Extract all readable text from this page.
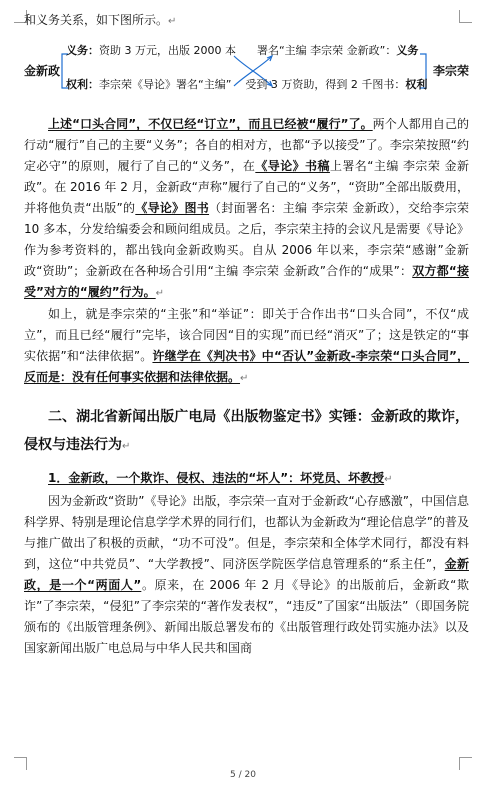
和义务关系，如下图所示。↵

金新政	李宗荣
义务：资助 3 万元，出版 2000 本 署名“主编 李宗荣 金新政”：义务
权利：李宗荣《导论》署名“主编” 受到 3 万资助，得到 2 千图书：权利

上述“口头合同”，不仅已经“订立”，而且已经被“履行”了。两个人都用自己的行动“履行”自己的主要“义务”；各自的相对方，也都“予以接受”了。李宗荣按照“约定必守”的原则，履行了自己的“义务”，在《导论》书稿上署名“主编 李宗荣 金新政”。在 2016 年 2 月，金新政“声称”履行了自己的“义务”，“资助”全部出版费用，并将他负责“出版”的《导论》图书（封面署名：主编 李宗荣 金新政），交给李宗荣 10 多本，分发给编委会和顾问组成员。之后，李宗荣主持的会议凡是需要《导论》作为参考资料的，都出钱向金新政购买。自从 2006 年以来，李宗荣“感谢”金新政“资助”；金新政在各种场合引用“主编 李宗荣 金新政”合作的“成果”：双方都“接受”对方的“履约”行为。↵

如上，就是李宗荣的“主张”和“举证”：即关于合作出书“口头合同”，不仅“成立”，而且已经“履行”完毕，该合同因“目的实现”而已经“消灭”了；这是铁定的“事实依据”和“法律依据”。许继学在《判决书》中“否认”金新政-李宗荣“口头合同”，反而是：没有任何事实依据和法律依据。↵

二、湖北省新闻出版广电局《出版物鉴定书》实锤：金新政的欺诈，侵权与违法行为↵

1．金新政，一个欺诈、侵权、违法的“坏人”：坏党员、坏教授↵

因为金新政“资助”《导论》出版，李宗荣一直对于金新政“心存感激”，中国信息科学界、特别是理论信息学学术界的同行们，也都认为金新政为“理论信息学”的普及与推广做出了积极的贡献，“功不可没”。但是，李宗荣和全体学术同行，都没有料到，这位“中共党员”、“大学教授”、同济医学院医学信息管理系的“系主任”，金新政，是一个“两面人”。原来，在 2006 年 2 月《导论》的出版前后，金新政“欺诈”了李宗荣，“侵犯”了李宗荣的“著作发表权”，“违反”了国家“出版法”（即国务院颁布的《出版管理条例》、新闻出版总署发布的《出版管理行政处罚实施办法》以及国家新闻出版广电总局与中华人民共和国商

5 / 20
